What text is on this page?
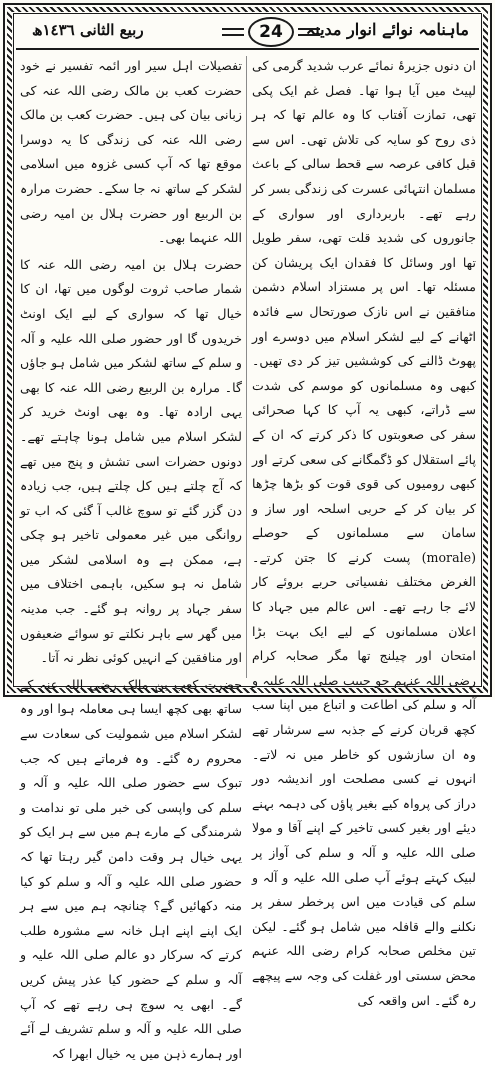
ماہنامہ نوائے انوار مدینہ
24
ربیع الثانی ١٤٣٦ھ

ان دنوں جزیرۂ نمائے عرب شدید گرمی کی لپیٹ میں آیا ہوا تھا۔ فصل غم ایک پکی تھی، تمازت آفتاب کا وہ عالم تھا کہ ہر ذی روح کو سایہ کی تلاش تھی۔ اس سے قبل کافی عرصہ سے قحط سالی کے باعث مسلمان انتہائی عسرت کی زندگی بسر کر رہے تھے۔ باربرداری اور سواری کے جانوروں کی شدید قلت تھی، سفر طویل تھا اور وسائل کا فقدان ایک پریشان کن مسئلہ تھا۔ اس پر مستزاد اسلام دشمن منافقین نے اس نازک صورتحال سے فائدہ اٹھانے کے لیے لشکر اسلام میں دوسرے اور پھوٹ ڈالنے کی کوششیں تیز کر دی تھیں۔ کبھی وہ مسلمانوں کو موسم کی شدت سے ڈراتے، کبھی یہ آپ کا کہا صحرائی سفر کی صعوبتوں کا ذکر کرتے کہ ان کے پائے استقلال کو ڈگمگانے کی سعی کرتے اور کبھی رومیوں کی قوی قوت کو بڑھا چڑھا کر بیان کر کے حربی اسلحہ اور ساز و سامان سے مسلمانوں کے حوصلے (morale) پست کرنے کا جتن کرتے۔ الغرض مختلف نفسیاتی حربے بروئے کار لائے جا رہے تھے۔ اس عالم میں جہاد کا اعلان مسلمانوں کے لیے ایک بہت بڑا امتحان اور چیلنج تھا مگر صحابہ کرام رضی اللہ عنہم جو حبیب صلی اللہ علیہ و آلہ و سلم کی اطاعت و اتباع میں اپنا سب کچھ قربان کرنے کے جذبہ سے سرشار تھے وہ ان سازشوں کو خاطر میں نہ لاتے۔ انہوں نے کسی مصلحت اور اندیشہ دور دراز کی پرواہ کیے بغیر پاؤں کی دہمہ بہنے دیئے اور بغیر کسی تاخیر کے اپنے آقا و مولا صلی اللہ علیہ و آلہ و سلم کی آواز پر لبیک کہتے ہوئے آپ صلی اللہ علیہ و آلہ و سلم کی قیادت میں اس پرخطر سفر پر نکلنے والے قافلہ میں شامل ہو گئے۔ لیکن تین مخلص صحابہ کرام رضی اللہ عنہم محض سستی اور غفلت کی وجہ سے پیچھے رہ گئے۔ اس واقعہ کی

تفصیلات اہل سیر اور ائمہ تفسیر نے خود حضرت کعب بن مالک رضی اللہ عنہ کی زبانی بیان کی ہیں۔ حضرت کعب بن مالک رضی اللہ عنہ کی زندگی کا یہ دوسرا موقع تھا کہ آپ کسی غزوہ میں اسلامی لشکر کے ساتھ نہ جا سکے۔ حضرت مرارہ بن الربیع اور حضرت ہلال بن امیہ رضی اللہ عنہما بھی۔

حضرت ہلال بن امیہ رضی اللہ عنہ کا شمار صاحب ثروت لوگوں میں تھا، ان کا خیال تھا کہ سواری کے لیے ایک اونٹ خریدوں گا اور حضور صلی اللہ علیہ و آلہ و سلم کے ساتھ لشکر میں شامل ہو جاؤں گا۔ مرارہ بن الربیع رضی اللہ عنہ کا بھی یہی ارادہ تھا۔ وہ بھی اونٹ خرید کر لشکر اسلام میں شامل ہونا چاہتے تھے۔ دونوں حضرات اسی تشش و پنج میں تھے کہ آج چلتے ہیں کل چلتے ہیں، جب زیادہ دن گزر گئے تو سوچ غالب آ گئی کہ اب تو روانگی میں غیر معمولی تاخیر ہو چکی ہے، ممکن ہے وہ اسلامی لشکر میں شامل نہ ہو سکیں، باہمی اختلاف میں سفر جہاد پر روانہ ہو گئے۔ جب مدینہ میں گھر سے باہر نکلتے تو سوائے ضعیفوں اور منافقین کے انہیں کوئی نظر نہ آتا۔

حضرت کعب بن مالک رضی اللہ عنہ کے ساتھ بھی کچھ ایسا ہی معاملہ ہوا اور وہ لشکر اسلام میں شمولیت کی سعادت سے محروم رہ گئے۔ وہ فرماتے ہیں کہ جب تبوک سے حضور صلی اللہ علیہ و آلہ و سلم کی واپسی کی خبر ملی تو ندامت و شرمندگی کے مارے ہم میں سے ہر ایک کو یہی خیال ہر وقت دامن گیر رہتا تھا کہ حضور صلی اللہ علیہ و آلہ و سلم کو کیا منہ دکھائیں گے؟ چنانچہ ہم میں سے ہر ایک اپنے اپنے اہل خانہ سے مشورہ طلب کرتے کہ سرکار دو عالم صلی اللہ علیہ و آلہ و سلم کے حضور کیا عذر پیش کریں گے۔ ابھی یہ سوچ ہی رہے تھے کہ آپ صلی اللہ علیہ و آلہ و سلم تشریف لے آئے اور ہمارے ذہن میں یہ خیال ابھرا کہ
